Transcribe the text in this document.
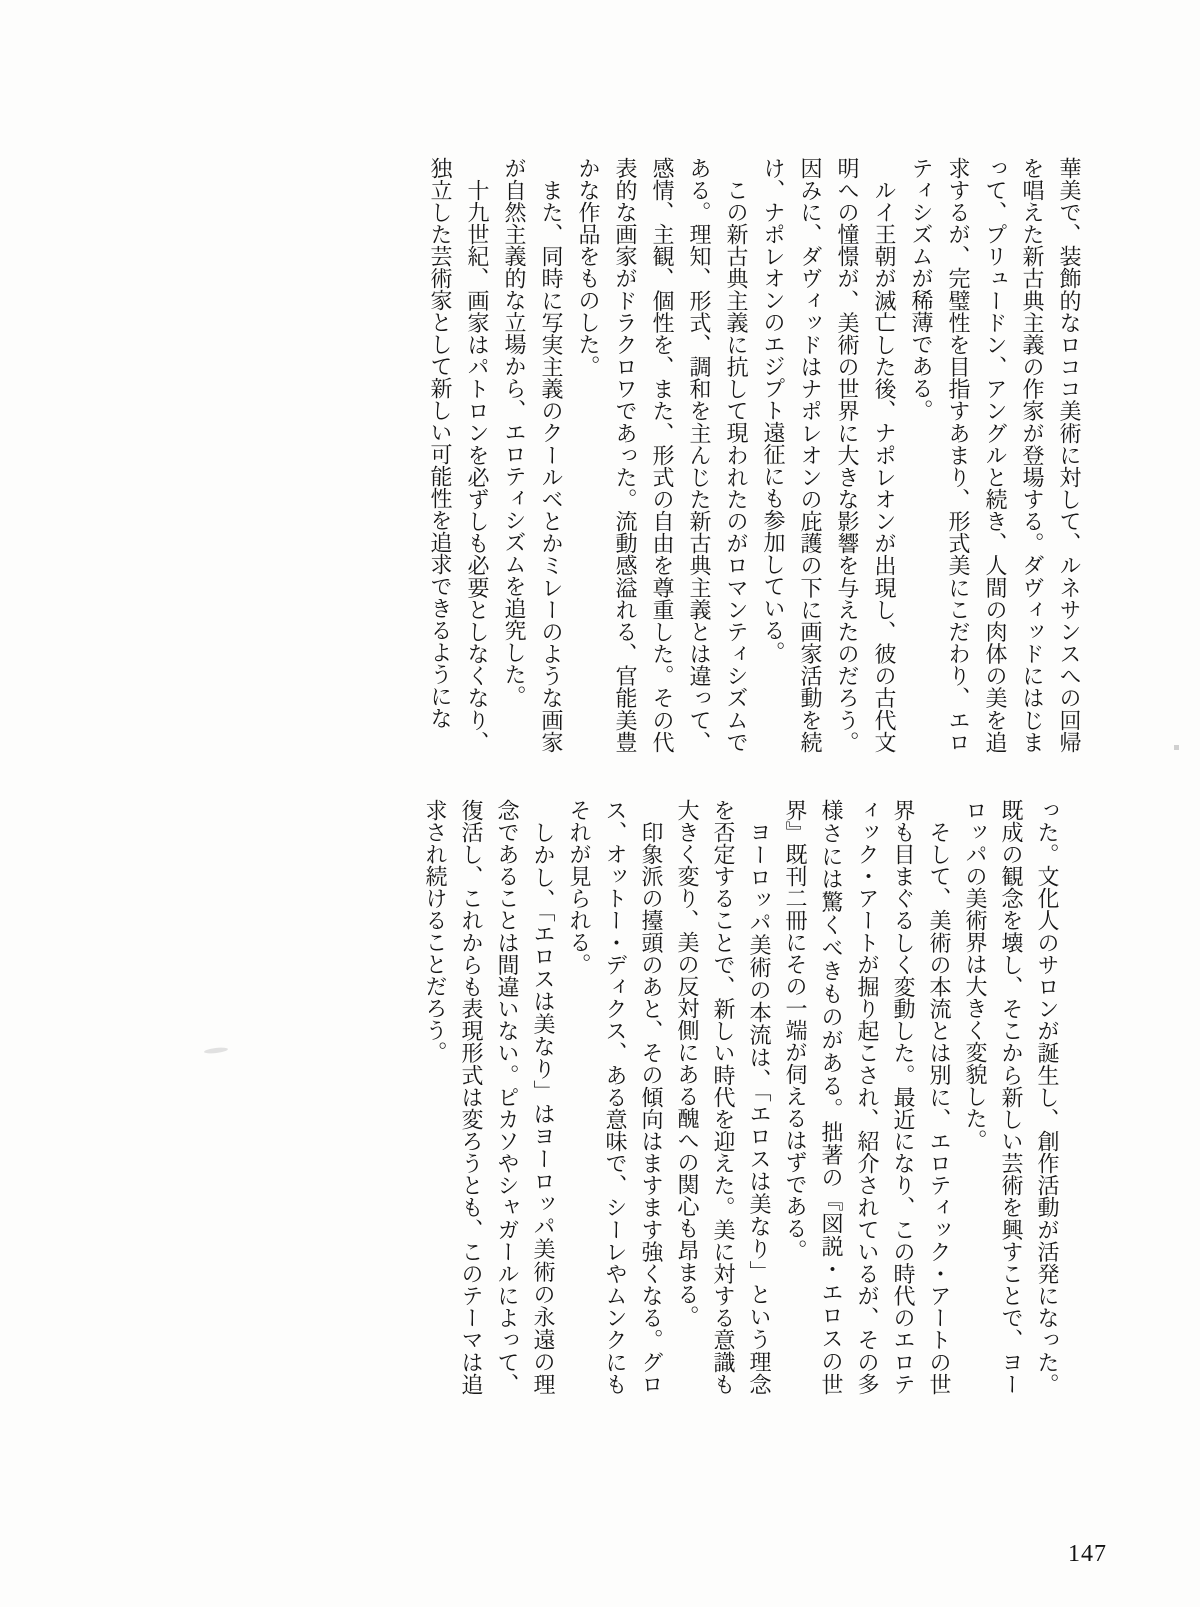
華美で、装飾的なロココ美術に対して、ルネサンスへの回帰を唱えた新古典主義の作家が登場する。ダヴィッドにはじまって、プリュードン、アングルと続き、人間の肉体の美を追求するが、完璧性を目指すあまり、形式美にこだわり、エロティシズムが稀薄である。

ルイ王朝が滅亡した後、ナポレオンが出現し、彼の古代文明への憧憬が、美術の世界に大きな影響を与えたのだろう。因みに、ダヴィッドはナポレオンの庇護の下に画家活動を続け、ナポレオンのエジプト遠征にも参加している。

この新古典主義に抗して現われたのがロマンティシズムである。理知、形式、調和を主んじた新古典主義とは違って、感情、主観、個性を、また、形式の自由を尊重した。その代表的な画家がドラクロワであった。流動感溢れる、官能美豊かな作品をものした。

また、同時に写実主義のクールベとかミレーのような画家が自然主義的な立場から、エロティシズムを追究した。

十九世紀、画家はパトロンを必ずしも必要としなくなり、独立した芸術家として新しい可能性を追求できるようにな

った。文化人のサロンが誕生し、創作活動が活発になった。既成の観念を壊し、そこから新しい芸術を興すことで、ヨーロッパの美術界は大きく変貌した。

そして、美術の本流とは別に、エロティック・アートの世界も目まぐるしく変動した。最近になり、この時代のエロティック・アートが掘り起こされ、紹介されているが、その多様さには驚くべきものがある。拙著の『図説・エロスの世界』既刊二冊にその一端が伺えるはずである。

ヨーロッパ美術の本流は、「エロスは美なり」という理念を否定することで、新しい時代を迎えた。美に対する意識も大きく変り、美の反対側にある醜への関心も昂まる。

印象派の擡頭のあと、その傾向はますます強くなる。グロス、オットー・ディクス、ある意味で、シーレやムンクにもそれが見られる。

しかし、「エロスは美なり」はヨーロッパ美術の永遠の理念であることは間違いない。ピカソやシャガールによって、復活し、これからも表現形式は変ろうとも、このテーマは追求され続けることだろう。

147
